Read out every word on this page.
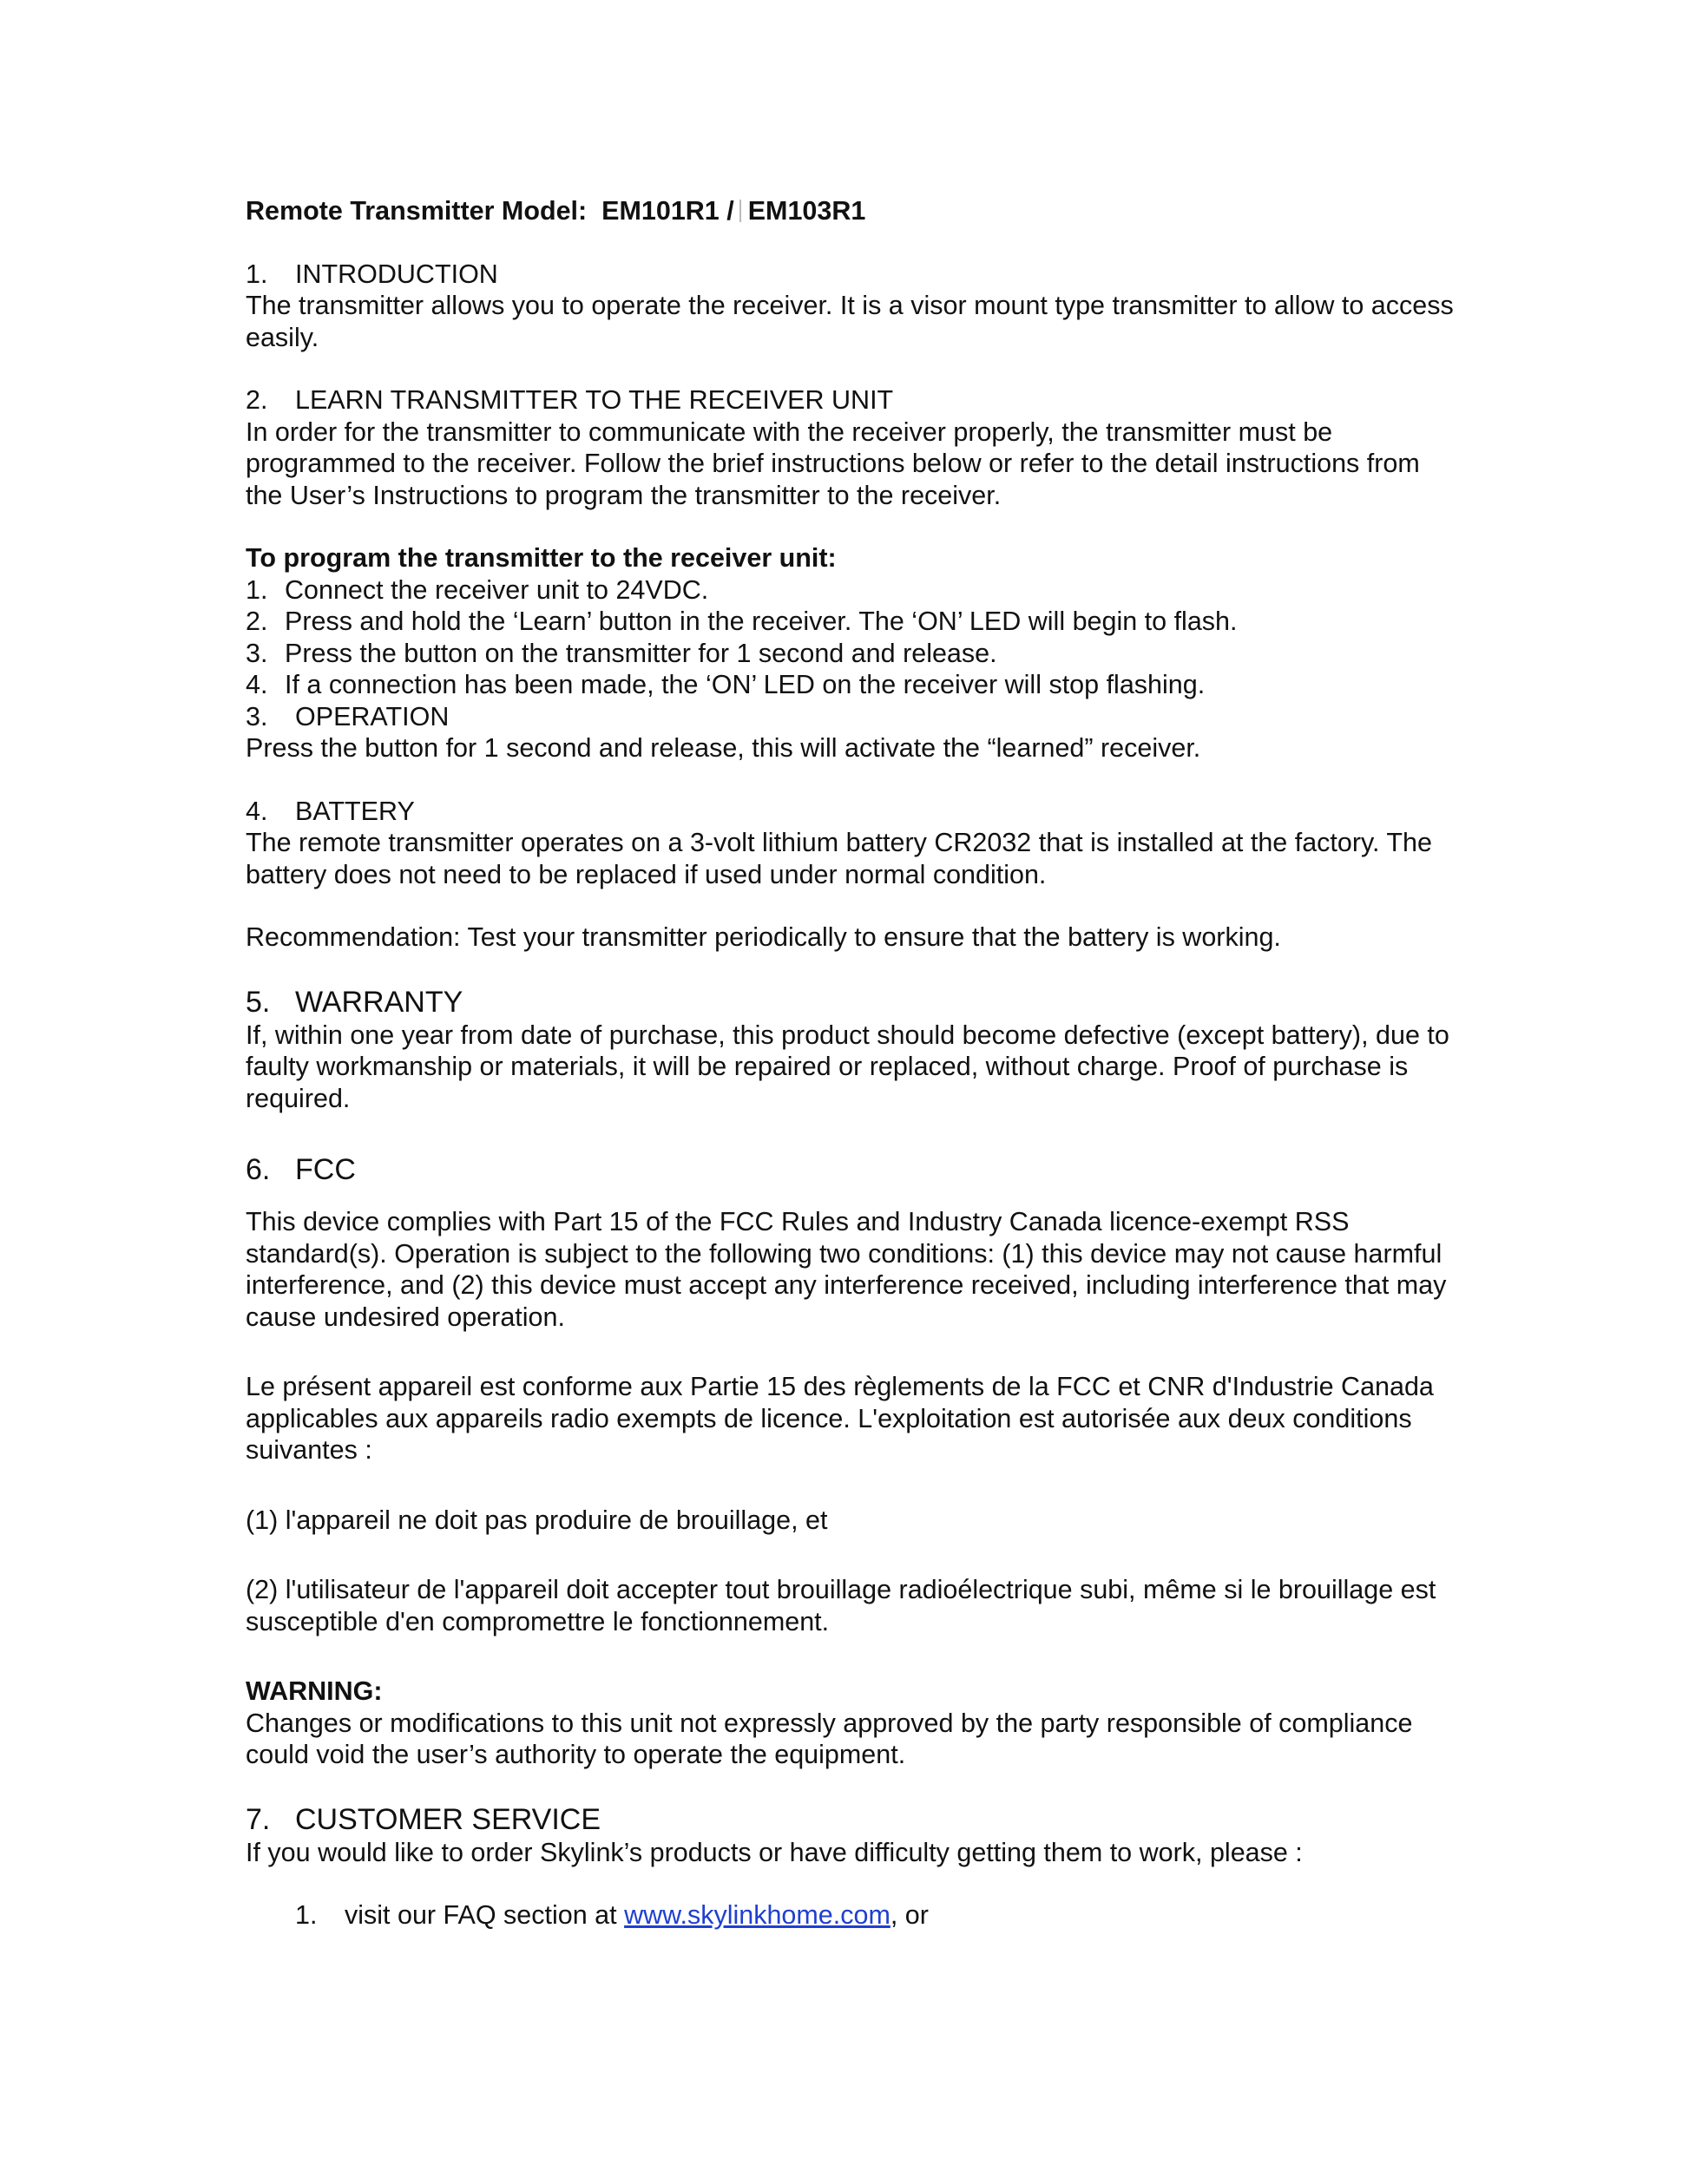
Remote Transmitter Model: EM101R1 / EM103R1

1.	INTRODUCTION

The transmitter allows you to operate the receiver. It is a visor mount type transmitter to allow to access easily.

2.	LEARN TRANSMITTER TO THE RECEIVER UNIT

In order for the transmitter to communicate with the receiver properly, the transmitter must be programmed to the receiver. Follow the brief instructions below or refer to the detail instructions from the User’s Instructions to program the transmitter to the receiver.

To program the transmitter to the receiver unit:

1. Connect the receiver unit to 24VDC.
2. Press and hold the ‘Learn’ button in the receiver. The ‘ON’ LED will begin to flash.
3. Press the button on the transmitter for 1 second and release.
4. If a connection has been made, the ‘ON’ LED on the receiver will stop flashing.
3.	OPERATION

Press the button for 1 second and release, this will activate the “learned” receiver.

4.	BATTERY

The remote transmitter operates on a 3-volt lithium battery CR2032 that is installed at the factory. The battery does not need to be replaced if used under normal condition.

Recommendation: Test your transmitter periodically to ensure that the battery is working.

5. WARRANTY

If, within one year from date of purchase, this product should become defective (except battery), due to faulty workmanship or materials, it will be repaired or replaced, without charge. Proof of purchase is required.

6. FCC

This device complies with Part 15 of the FCC Rules and Industry Canada licence-exempt RSS standard(s). Operation is subject to the following two conditions: (1) this device may not cause harmful interference, and (2) this device must accept any interference received, including interference that may cause undesired operation.

Le présent appareil est conforme aux Partie 15 des règlements de la FCC et CNR d'Industrie Canada applicables aux appareils radio exempts de licence. L'exploitation est autorisée aux deux conditions suivantes :

(1) l'appareil ne doit pas produire de brouillage, et

(2) l'utilisateur de l'appareil doit accepter tout brouillage radioélectrique subi, même si le brouillage est susceptible d'en compromettre le fonctionnement.

WARNING:

Changes or modifications to this unit not expressly approved by the party responsible of compliance could void the user’s authority to operate the equipment.

7. CUSTOMER SERVICE

If you would like to order Skylink’s products or have difficulty getting them to work, please :

1.	visit our FAQ section at www.skylinkhome.com, or
